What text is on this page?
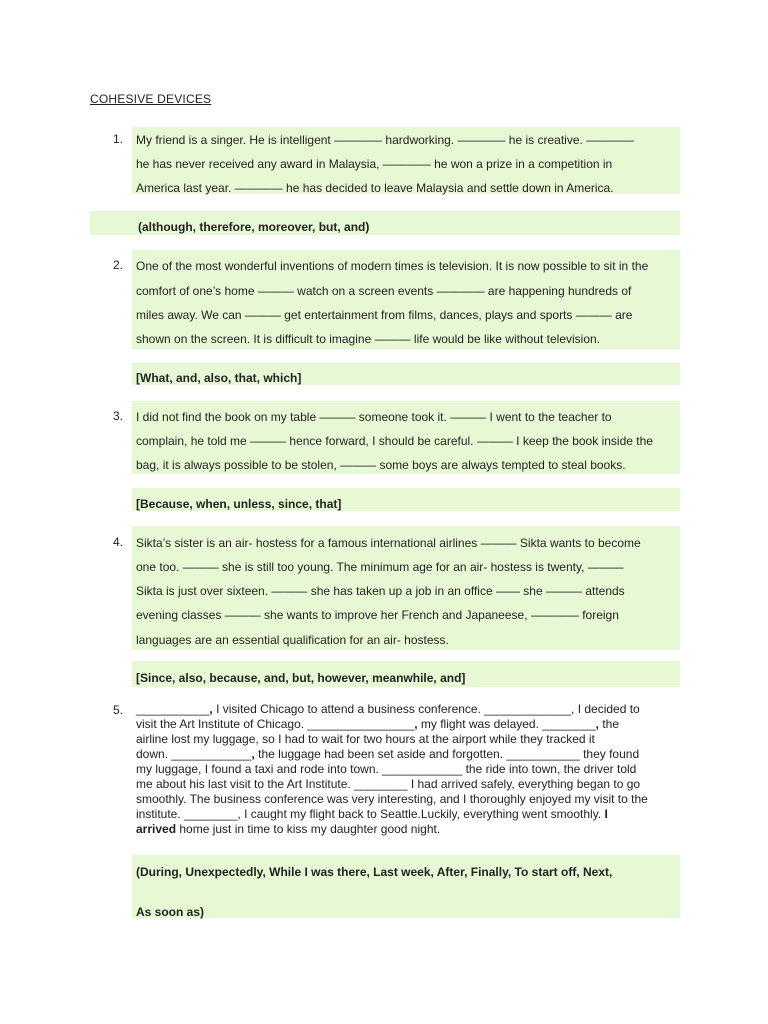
COHESIVE DEVICES
1. My friend is a singer. He is intelligent ———— hardworking. ———— he is creative. ————
he has never received any award in Malaysia, ———— he won a prize in a competition in
America last year. ———— he has decided to leave Malaysia and settle down in America.
(although, therefore, moreover, but, and)
2. One of the most wonderful inventions of modern times is television. It is now possible to sit in the
comfort of one’s home ——— watch on a screen events ———— are happening hundreds of
miles away. We can ——— get entertainment from films, dances, plays and sports ——— are
shown on the screen. It is difficult to imagine ——— life would be like without television.
[What, and, also, that, which]
3. I did not find the book on my table ——— someone took it. ——— I went to the teacher to
complain, he told me ——— hence forward, I should be careful. ——— I keep the book inside the
bag, it is always possible to be stolen, ——— some boys are always tempted to steal books.
[Because, when, unless, since, that]
4. Sikta’s sister is an air- hostess for a famous international airlines ——— Sikta wants to become
one too. ——— she is still too young. The minimum age for an air- hostess is twenty, ———
Sikta is just over sixteen. ——— she has taken up a job in an office —— she ——— attends
evening classes ——— she wants to improve her French and Japaneese, ———— foreign
languages are an essential qualification for an air- hostess.
[Since, also, because, and, but, however, meanwhile, and]
5. ___________, I visited Chicago to attend a business conference. _____________, I decided to
visit the Art Institute of Chicago. ________________, my flight was delayed. ________, the
airline lost my luggage, so I had to wait for two hours at the airport while they tracked it
down. ____________, the luggage had been set aside and forgotten. ___________ they found
my luggage, I found a taxi and rode into town. ____________ the ride into town, the driver told
me about his last visit to the Art Institute. ________ I had arrived safely, everything began to go
smoothly. The business conference was very interesting, and I thoroughly enjoyed my visit to the
institute. ________, I caught my flight back to Seattle.Luckily, everything went smoothly. I
arrived home just in time to kiss my daughter good night.
(During, Unexpectedly, While I was there, Last week, After, Finally, To start off, Next,
As soon as)
